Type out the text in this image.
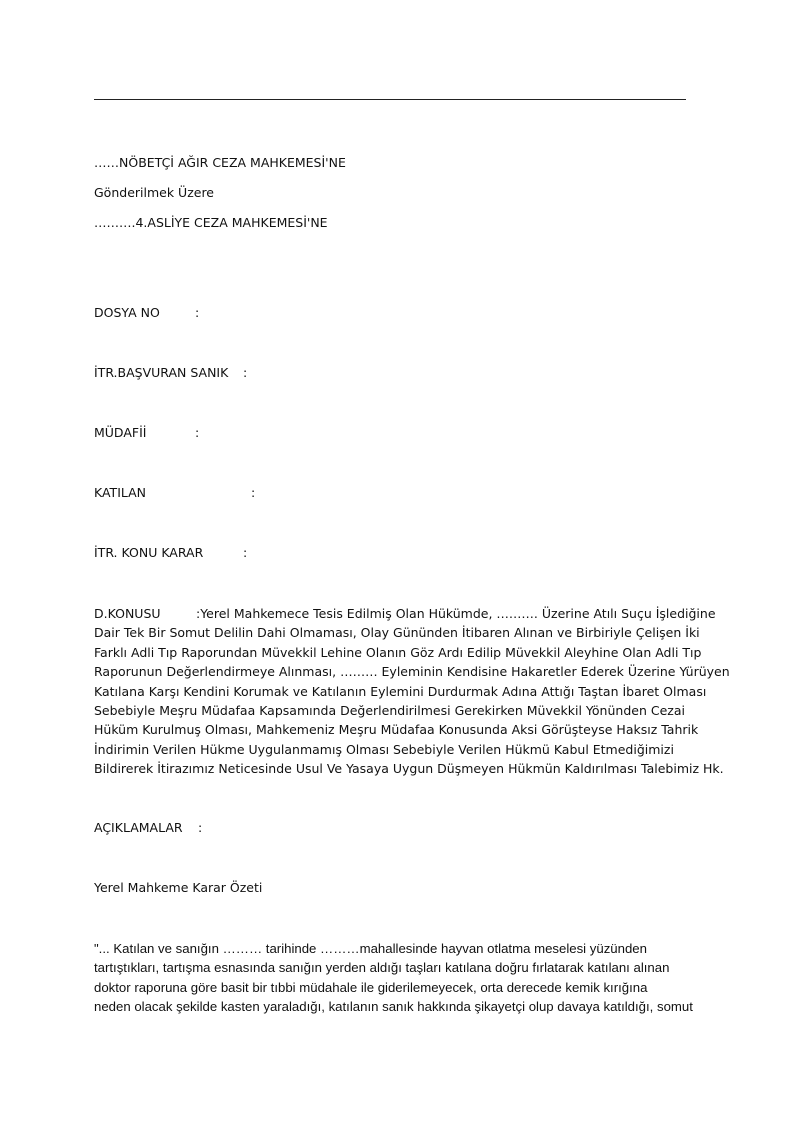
……NÖBETÇİ AĞIR CEZA MAHKEMESİ'NE
Gönderilmek Üzere
……….4.ASLİYE CEZA MAHKEMESİ'NE
DOSYA NO	:
İTR.BAŞVURAN SANIK :
MÜDAFİİ	:
KATILAN	:
İTR. KONU KARAR	:
D.KONUSU	:Yerel Mahkemece Tesis Edilmiş Olan Hükümde, ………. Üzerine Atılı Suçu İşlediğine
Dair Tek Bir Somut Delilin Dahi Olmaması, Olay Gününden İtibaren Alınan ve Birbiriyle Çelişen İki
Farklı Adli Tıp Raporundan Müvekkil Lehine Olanın Göz Ardı Edilip Müvekkil Aleyhine Olan Adli Tıp
Raporunun Değerlendirmeye Alınması, ……… Eyleminin Kendisine Hakaretler Ederek Üzerine Yürüyen
Katılana Karşı Kendini Korumak ve Katılanın Eylemini Durdurmak Adına Attığı Taştan İbaret Olması
Sebebiyle Meşru Müdafaa Kapsamında Değerlendirilmesi Gerekirken Müvekkil Yönünden Cezai
Hüküm Kurulmuş Olması, Mahkemeniz Meşru Müdafaa Konusunda Aksi Görüşteyse Haksız Tahrik
İndirimin Verilen Hükme Uygulanmamış Olması Sebebiyle Verilen Hükmü Kabul Etmediğimizi
Bildirerek İtirazımız Neticesinde Usul Ve Yasaya Uygun Düşmeyen Hükmün Kaldırılması Talebimiz Hk.
AÇIKLAMALAR :
Yerel Mahkeme Karar Özeti
"... Katılan ve sanığın ……… tarihinde ………mahallesinde hayvan otlatma meselesi yüzünden
tartıştıkları, tartışma esnasında sanığın yerden aldığı taşları katılana doğru fırlatarak katılanı alınan
doktor raporuna göre basit bir tıbbi müdahale ile giderilemeyecek, orta derecede kemik kırığına
neden olacak şekilde kasten yaraladığı, katılanın sanık hakkında şikayetçi olup davaya katıldığı, somut
